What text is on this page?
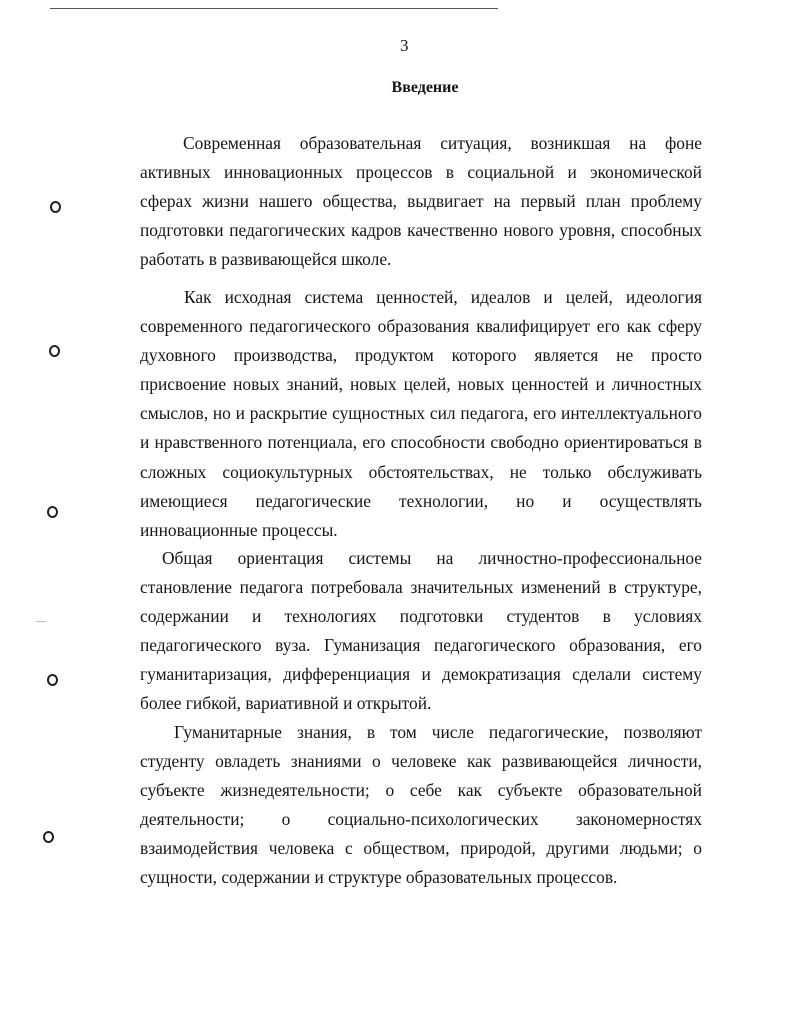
3
Введение

Современная образовательная ситуация, возникшая на фоне активных инновационных процессов в социальной и экономической сферах жизни нашего общества, выдвигает на первый план проблему подготовки педагогических кадров качественно нового уровня, способных работать в развивающейся школе.

Как исходная система ценностей, идеалов и целей, идеология современного педагогического образования квалифицирует его как сферу духовного производства, продуктом которого является не просто присвоение новых знаний, новых целей, новых ценностей и личностных смыслов, но и раскрытие сущностных сил педагога, его интеллектуального и нравственного потенциала, его способности свободно ориентироваться в сложных социокультурных обстоятельствах, не только обслуживать имеющиеся педагогические технологии, но и осуществлять инновационные процессы.

Общая ориентация системы на личностно-профессиональное становление педагога потребовала значительных изменений в структуре, содержании и технологиях подготовки студентов в условиях педагогического вуза. Гуманизация педагогического образования, его гуманитаризация, дифференциация и демократизация сделали систему более гибкой, вариативной и открытой.

Гуманитарные знания, в том числе педагогические, позволяют студенту овладеть знаниями о человеке как развивающейся личности, субъекте жизнедеятельности; о себе как субъекте образовательной деятельности; о социально-психологических закономерностях взаимодействия человека с обществом, природой, другими людьми; о сущности, содержании и структуре образовательных процессов.
